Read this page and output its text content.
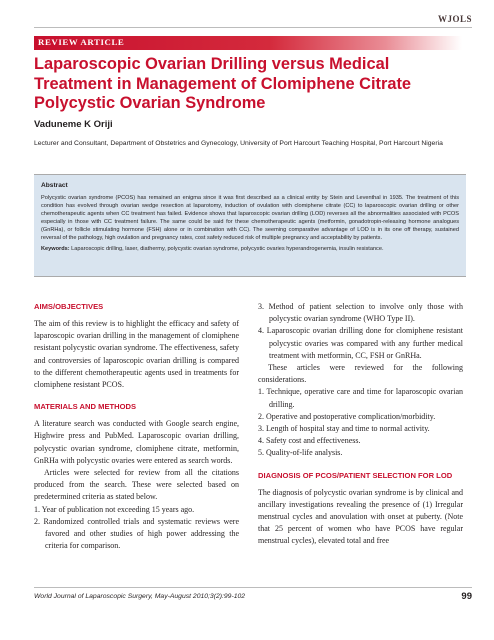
WJOLS
REVIEW ARTICLE
Laparoscopic Ovarian Drilling versus Medical
Treatment in Management of Clomiphene Citrate
Polycystic Ovarian Syndrome
Vaduneme K Oriji
Lecturer and Consultant, Department of Obstetrics and Gynecology, University of Port Harcourt Teaching Hospital, Port Harcourt Nigeria
Abstract

Polycystic ovarian syndrome (PCOS) has remained an enigma since it was first described as a clinical entity by Stein and Leventhal in 1935. The treatment of this condition has evolved through ovarian wedge resection at laparotomy, induction of ovulation with clomiphene citrate (CC) to laparoscopic ovarian drilling or other chemotherapeutic agents when CC treatment has failed. Evidence shows that laparoscopic ovarian drilling (LOD) reverses all the abnormalities associated with PCOS especially in those with CC treatment failure. The same could be said for these chemotherapeutic agents (metformin, gonadotropin-releasing hormone analogues (GnRHa), or follicle stimulating hormone (FSH) alone or in combination with CC). The seeming comparative advantage of LOD is in its one off therapy, sustained reversal of the pathology, high ovulation and pregnancy rates, cost safety reduced risk of multiple pregnancy and acceptability by patients.

Keywords: Laparoscopic drilling, laser, diathermy, polycystic ovarian syndrome, polycystic ovaries hyperandrogenemia, insulin resistance.

AIMS/OBJECTIVES

The aim of this review is to highlight the efficacy and safety of laparoscopic ovarian drilling in the management of clomiphene resistant polycystic ovarian syndrome. The effectiveness, safety and controversies of laparoscopic ovarian drilling is compared to the different chemotherapeutic agents used in treatments for clomiphene resistant PCOS.

MATERIALS AND METHODS

A literature search was conducted with Google search engine, Highwire press and PubMed. Laparoscopic ovarian drilling, polycystic ovarian syndrome, clomiphene citrate, metformin, GnRHa with polycystic ovaries were entered as search words.

Articles were selected for review from all the citations produced from the search. These were selected based on predetermined criteria as stated below.

1. Year of publication not exceeding 15 years ago.
2. Randomized controlled trials and systematic reviews were favored and other studies of high power addressing the criteria for comparison.
3. Method of patient selection to involve only those with polycystic ovarian syndrome (WHO Type II).
4. Laparoscopic ovarian drilling done for clomiphene resistant polycystic ovaries was compared with any further medical treatment with metformin, CC, FSH or GnRHa.

These articles were reviewed for the following considerations.

1. Technique, operative care and time for laparoscopic ovarian drilling.
2. Operative and postoperative complication/morbidity.
3. Length of hospital stay and time to normal activity.
4. Safety cost and effectiveness.
5. Quality-of-life analysis.
DIAGNOSIS OF PCOS/PATIENT SELECTION FOR LOD

The diagnosis of polycystic ovarian syndrome is by clinical and ancillary investigations revealing the presence of (1) Irregular menstrual cycles and anovulation with onset at puberty. (Note that 25 percent of women who have PCOS have regular menstrual cycles), elevated total and free

World Journal of Laparoscopic Surgery, May-August 2010;3(2):99-102	99
